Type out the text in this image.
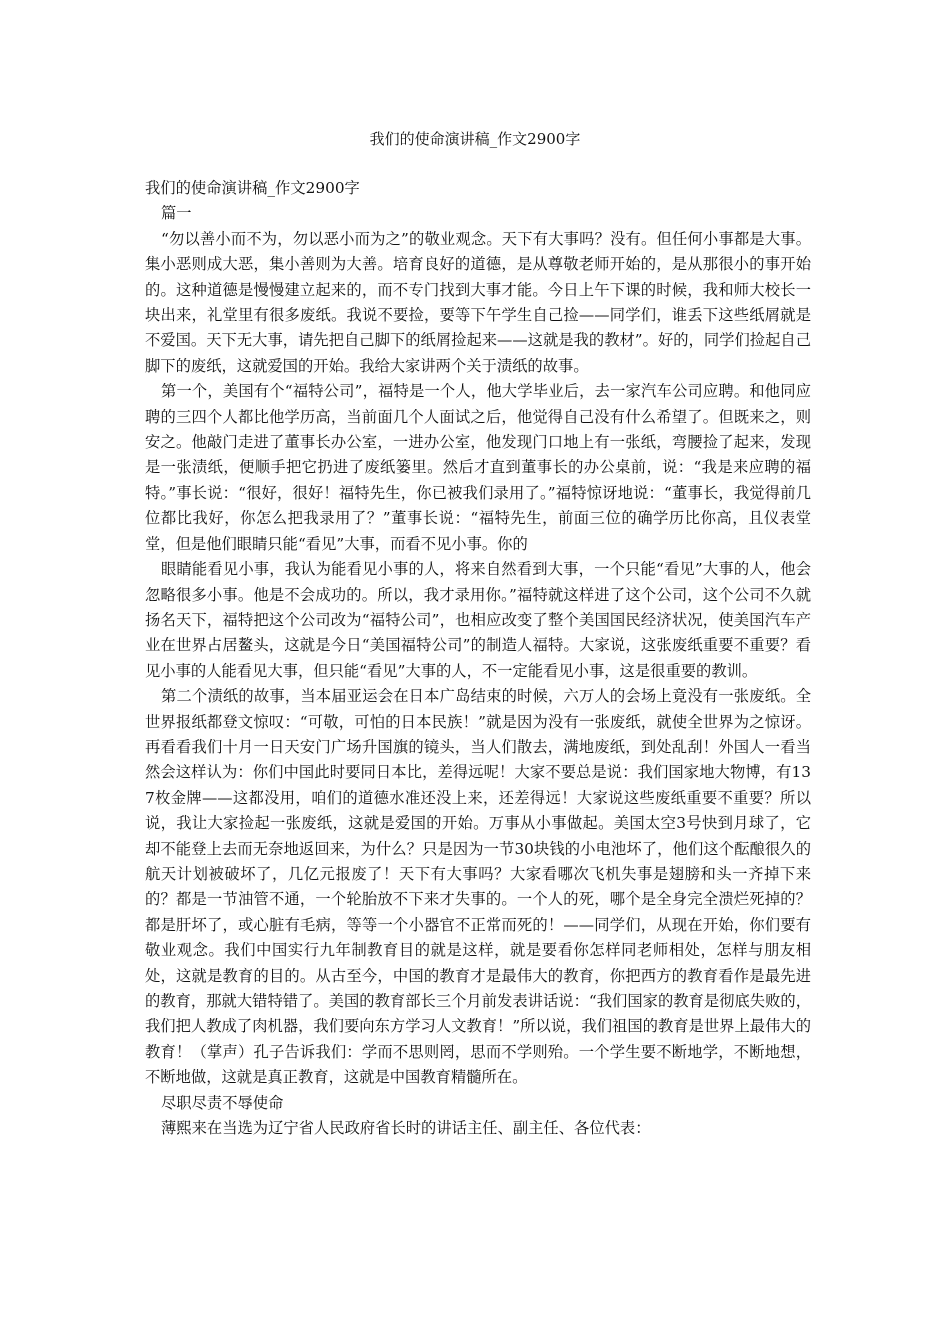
我们的使命演讲稿_作文2900字

我们的使命演讲稿_作文2900字

篇一

“勿以善小而不为，勿以恶小而为之”的敬业观念。天下有大事吗？没有。但任何小事都是大事。集小恶则成大恶，集小善则为大善。培育良好的道德，是从尊敬老师开始的，是从那很小的事开始的。这种道德是慢慢建立起来的，而不专门找到大事才能。今日上午下课的时候，我和师大校长一块出来，礼堂里有很多废纸。我说不要捡，要等下午学生自己捡——同学们，谁丢下这些纸屑就是不爱国。天下无大事，请先把自己脚下的纸屑捡起来——这就是我的教材”。好的，同学们捡起自己脚下的废纸，这就爱国的开始。我给大家讲两个关于渍纸的故事。

第一个，美国有个“福特公司”，福特是一个人，他大学毕业后，去一家汽车公司应聘。和他同应聘的三四个人都比他学历高，当前面几个人面试之后，他觉得自己没有什么希望了。但既来之，则安之。他敲门走进了董事长办公室，一进办公室，他发现门口地上有一张纸，弯腰捡了起来，发现是一张渍纸，便顺手把它扔进了废纸篓里。然后才直到董事长的办公桌前，说：“我是来应聘的福特。”事长说：“很好，很好！福特先生，你已被我们录用了。”福特惊讶地说：“董事长，我觉得前几位都比我好，你怎么把我录用了？”董事长说：“福特先生，前面三位的确学历比你高，且仪表堂堂，但是他们眼睛只能“看见”大事，而看不见小事。你的

眼睛能看见小事，我认为能看见小事的人，将来自然看到大事，一个只能“看见”大事的人，他会忽略很多小事。他是不会成功的。所以，我才录用你。”福特就这样进了这个公司，这个公司不久就扬名天下，福特把这个公司改为“福特公司”，也相应改变了整个美国国民经济状况，使美国汽车产业在世界占居鳌头，这就是今日“美国福特公司”的制造人福特。大家说，这张废纸重要不重要？看见小事的人能看见大事，但只能“看见”大事的人，不一定能看见小事，这是很重要的教训。

第二个渍纸的故事，当本届亚运会在日本广岛结束的时候，六万人的会场上竟没有一张废纸。全世界报纸都登文惊叹：“可敬，可怕的日本民族！”就是因为没有一张废纸，就使全世界为之惊讶。再看看我们十月一日天安门广场升国旗的镜头，当人们散去，满地废纸，到处乱刮！外国人一看当然会这样认为：你们中国此时要同日本比，差得远呢！大家不要总是说：我们国家地大物博，有137枚金牌——这都没用，咱们的道德水准还没上来，还差得远！大家说这些废纸重要不重要？所以说，我让大家捡起一张废纸，这就是爱国的开始。万事从小事做起。美国太空3号快到月球了，它却不能登上去而无奈地返回来，为什么？只是因为一节30块钱的小电池坏了，他们这个酝酿很久的航天计划被破坏了，几亿元报废了！天下有大事吗？大家看哪次飞机失事是翅膀和头一齐掉下来的？都是一节油管不通，一个轮胎放不下来才失事的。一个人的死，哪个是全身完全溃烂死掉的？都是肝坏了，或心脏有毛病，等等一个小器官不正常而死的！——同学们，从现在开始，你们要有敬业观念。我们中国实行九年制教育目的就是这样，就是要看你怎样同老师相处，怎样与朋友相处，这就是教育的目的。从古至今，中国的教育才是最伟大的教育，你把西方的教育看作是最先进的教育，那就大错特错了。美国的教育部长三个月前发表讲话说：“我们国家的教育是彻底失败的，我们把人教成了肉机器，我们要向东方学习人文教育！”所以说，我们祖国的教育是世界上最伟大的教育！（掌声）孔子告诉我们：学而不思则罔，思而不学则殆。一个学生要不断地学，不断地想，不断地做，这就是真正教育，这就是中国教育精髓所在。

尽职尽责不辱使命

薄熙来在当选为辽宁省人民政府省长时的讲话主任、副主任、各位代表：
